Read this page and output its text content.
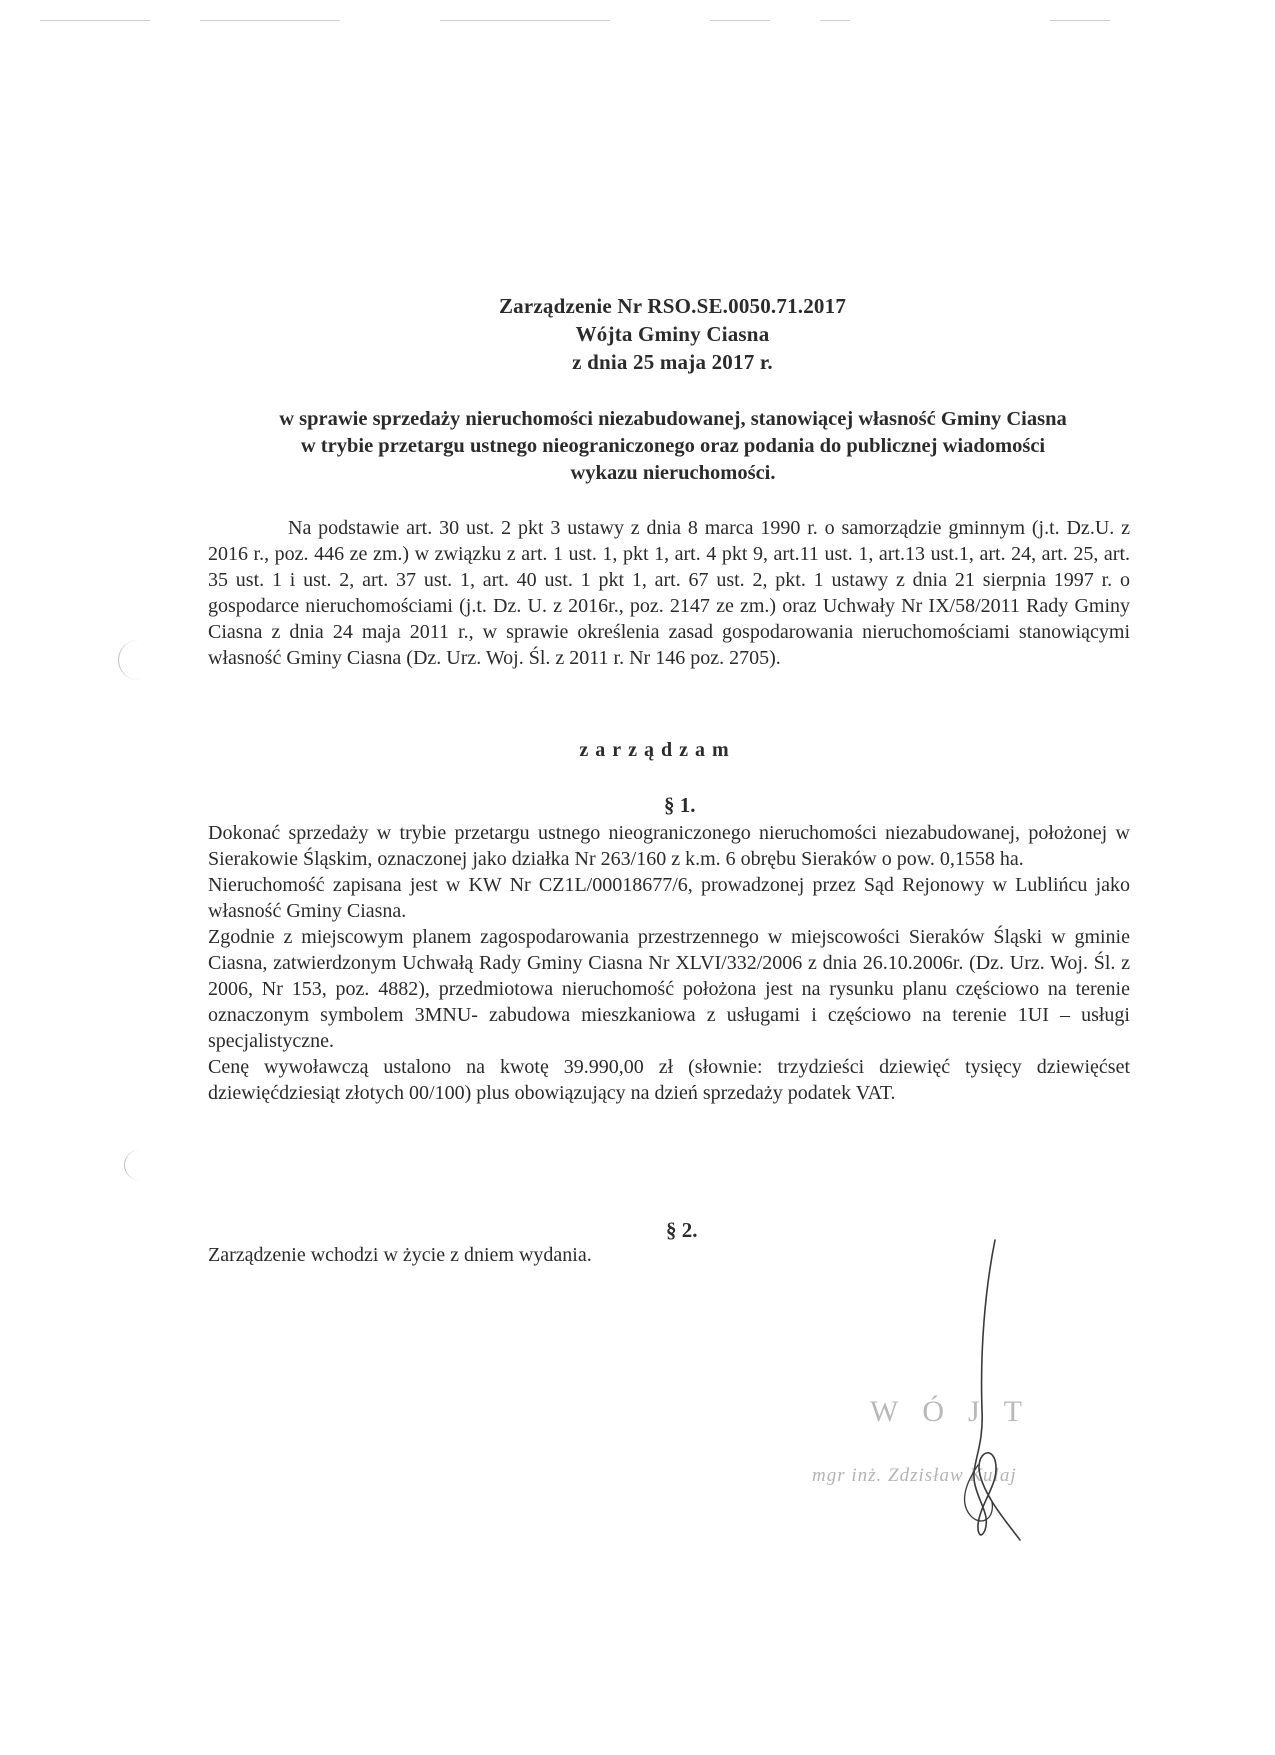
Zarządzenie Nr RSO.SE.0050.71.2017
Wójta Gminy Ciasna
z dnia 25 maja 2017 r.
w sprawie sprzedaży nieruchomości niezabudowanej, stanowiącej własność Gminy Ciasna
w trybie przetargu ustnego nieograniczonego oraz podania do publicznej wiadomości
wykazu nieruchomości.

Na podstawie art. 30 ust. 2 pkt 3 ustawy z dnia 8 marca 1990 r. o samorządzie gminnym (j.t. Dz.U. z 2016 r., poz. 446 ze zm.) w związku z art. 1 ust. 1, pkt 1, art. 4 pkt 9, art.11 ust. 1, art.13 ust.1, art. 24, art. 25, art. 35 ust. 1 i ust. 2, art. 37 ust. 1, art. 40 ust. 1 pkt 1, art. 67 ust. 2, pkt. 1 ustawy z dnia 21 sierpnia 1997 r. o gospodarce nieruchomościami (j.t. Dz. U. z 2016r., poz. 2147 ze zm.) oraz Uchwały Nr IX/58/2011 Rady Gminy Ciasna z dnia 24 maja 2011 r., w sprawie określenia zasad gospodarowania nieruchomościami stanowiącymi własność Gminy Ciasna (Dz. Urz. Woj. Śl. z 2011 r. Nr 146 poz. 2705).

zarządzam
§ 1.

Dokonać sprzedaży w trybie przetargu ustnego nieograniczonego nieruchomości niezabudowanej, położonej w Sierakowie Śląskim, oznaczonej jako działka Nr 263/160 z k.m. 6 obrębu Sieraków o pow. 0,1558 ha.

Nieruchomość zapisana jest w KW Nr CZ1L/00018677/6, prowadzonej przez Sąd Rejonowy w Lublińcu jako własność Gminy Ciasna.

Zgodnie z miejscowym planem zagospodarowania przestrzennego w miejscowości Sieraków Śląski w gminie Ciasna, zatwierdzonym Uchwałą Rady Gminy Ciasna Nr XLVI/332/2006 z dnia 26.10.2006r. (Dz. Urz. Woj. Śl. z 2006, Nr 153, poz. 4882), przedmiotowa nieruchomość położona jest na rysunku planu częściowo na terenie oznaczonym symbolem 3MNU- zabudowa mieszkaniowa z usługami i częściowo na terenie 1UI – usługi specjalistyczne.

Cenę wywoławczą ustalono na kwotę 39.990,00 zł (słownie: trzydzieści dziewięć tysięcy dziewięćset dziewięćdziesiąt złotych 00/100) plus obowiązujący na dzień sprzedaży podatek VAT.

§ 2.

Zarządzenie wchodzi w życie z dniem wydania.

WÓJT
mgr inż. Zdzisław Kulaj
